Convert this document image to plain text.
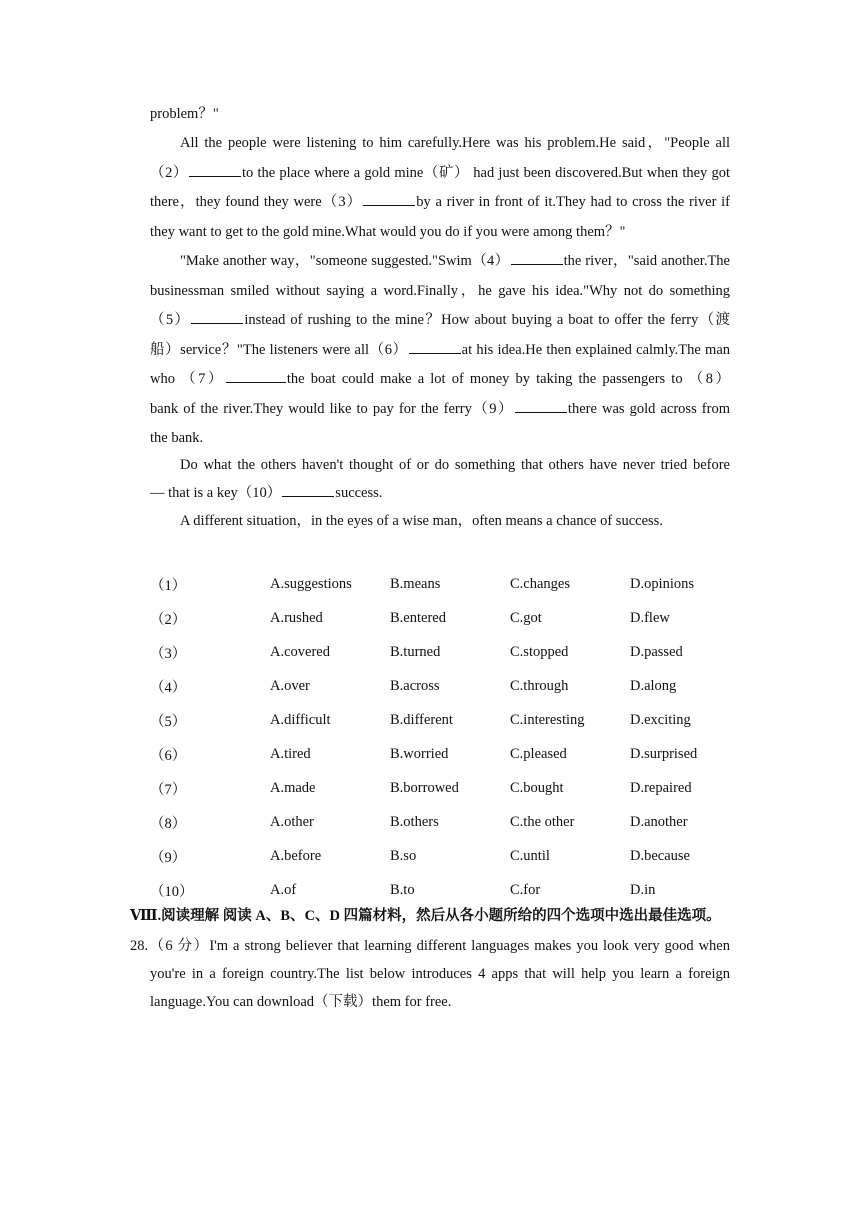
problem？"

All the people were listening to him carefully.Here was his problem.He said，"People all
（2）	to the place where a gold mine（矿） had just been discovered.But when they got
there，they found they were（3）	by a river in front of it.They had to cross the river if
they want to get to the gold mine.What would you do if you were among them？"
"Make another way，"someone suggested."Swim（4）	the river，"said another.The
businessman smiled without saying a word.Finally，he gave his idea."Why not do something
（5）	instead of rushing to the mine？How about buying a boat to offer the ferry（渡
船）service？"The listeners were all（6）	at his idea.He then explained calmly.The man
who （7）	the boat could make a lot of money by taking the passengers to （8）
bank of the river.They would like to pay for the ferry（9）	there was gold across from
the bank.
Do what the others haven't thought of or do something that others have never tried before
— that is a key（10）	success.
A different situation，in the eyes of a wise man，often means a chance of success.
（1）	A.suggestions	B.means	C.changes	D.opinions
（2）	A.rushed	B.entered	C.got	D.flew
（3）	A.covered	B.turned	C.stopped	D.passed
（4）	A.over	B.across	C.through	D.along
（5）	A.difficult	B.different	C.interesting	D.exciting
（6）	A.tired	B.worried	C.pleased	D.surprised
（7）	A.made	B.borrowed	C.bought	D.repaired
（8）	A.other	B.others	C.the other	D.another
（9）	A.before	B.so	C.until	D.because
（10）	A.of	B.to	C.for	D.in
Ⅷ.阅读理解 阅读 A、B、C、D 四篇材料，然后从各小题所给的四个选项中选出最佳选项。
28.（6 分）I'm a strong believer that learning different languages makes you look very good when
you're in a foreign country.The list below introduces 4 apps that will help you learn a foreign
language.You can download（下载）them for free.
